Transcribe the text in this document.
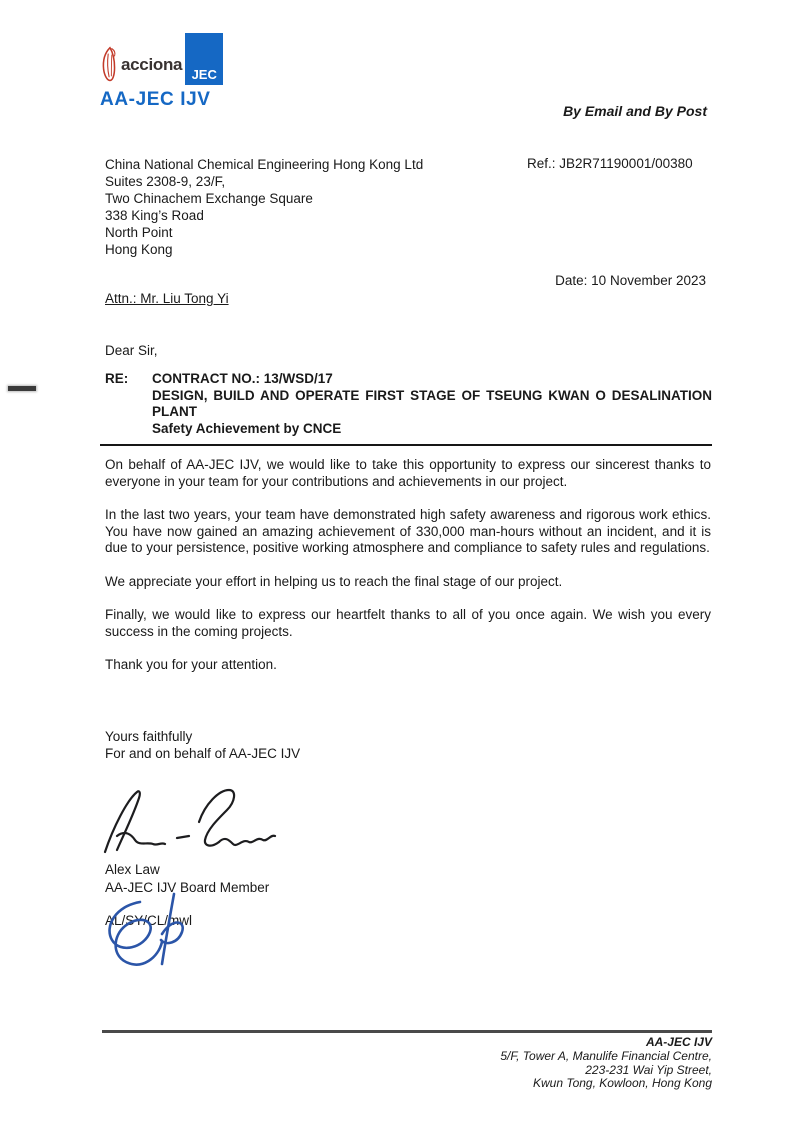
acciona
JEC
AA-JEC IJV
By Email and By Post
Ref.: JB2R71190001/00380
Date: 10 November 2023
China National Chemical Engineering Hong Kong Ltd
Suites 2308-9, 23/F,
Two Chinachem Exchange Square
338 King’s Road
North Point
Hong Kong
Attn.: Mr. Liu Tong Yi
Dear Sir,
RE:	CONTRACT NO.: 13/WSD/17
DESIGN, BUILD AND OPERATE FIRST STAGE OF TSEUNG KWAN O DESALINATION PLANT
Safety Achievement by CNCE

On behalf of AA-JEC IJV, we would like to take this opportunity to express our sincerest thanks to everyone in your team for your contributions and achievements in our project.

In the last two years, your team have demonstrated high safety awareness and rigorous work ethics. You have now gained an amazing achievement of 330,000 man-hours without an incident, and it is due to your persistence, positive working atmosphere and compliance to safety rules and regulations.

We appreciate your effort in helping us to reach the final stage of our project.

Finally, we would like to express our heartfelt thanks to all of you once again. We wish you every success in the coming projects.

Thank you for your attention.

Yours faithfully
For and on behalf of AA-JEC IJV
Alex Law
AA-JEC IJV Board Member
AL/SY/CL/mwl
AA-JEC IJV
5/F, Tower A, Manulife Financial Centre,
223-231 Wai Yip Street,
Kwun Tong, Kowloon, Hong Kong
